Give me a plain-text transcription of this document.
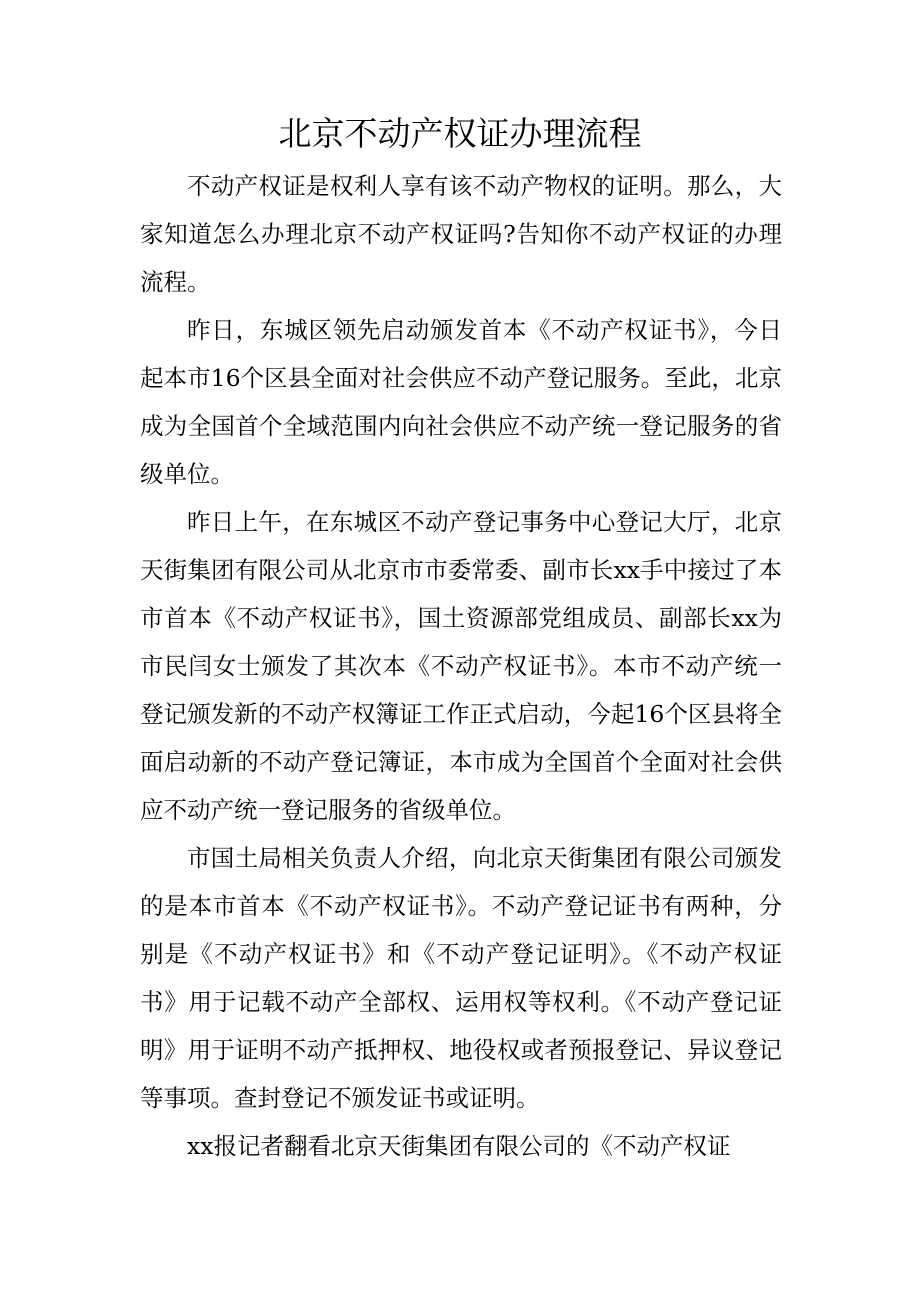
北京不动产权证办理流程

不动产权证是权利人享有该不动产物权的证明。那么，大家知道怎么办理北京不动产权证吗?告知你不动产权证的办理流程。

昨日，东城区领先启动颁发首本《不动产权证书》，今日起本市16个区县全面对社会供应不动产登记服务。至此，北京成为全国首个全域范围内向社会供应不动产统一登记服务的省级单位。

昨日上午，在东城区不动产登记事务中心登记大厅，北京天街集团有限公司从北京市市委常委、副市长xx手中接过了本市首本《不动产权证书》，国土资源部党组成员、副部长xx为市民闫女士颁发了其次本《不动产权证书》。本市不动产统一登记颁发新的不动产权簿证工作正式启动，今起16个区县将全面启动新的不动产登记簿证，本市成为全国首个全面对社会供应不动产统一登记服务的省级单位。

市国土局相关负责人介绍，向北京天街集团有限公司颁发的是本市首本《不动产权证书》。不动产登记证书有两种，分别是《不动产权证书》和《不动产登记证明》。《不动产权证书》用于记载不动产全部权、运用权等权利。《不动产登记证明》用于证明不动产抵押权、地役权或者预报登记、异议登记等事项。查封登记不颁发证书或证明。

xx报记者翻看北京天街集团有限公司的《不动产权证
